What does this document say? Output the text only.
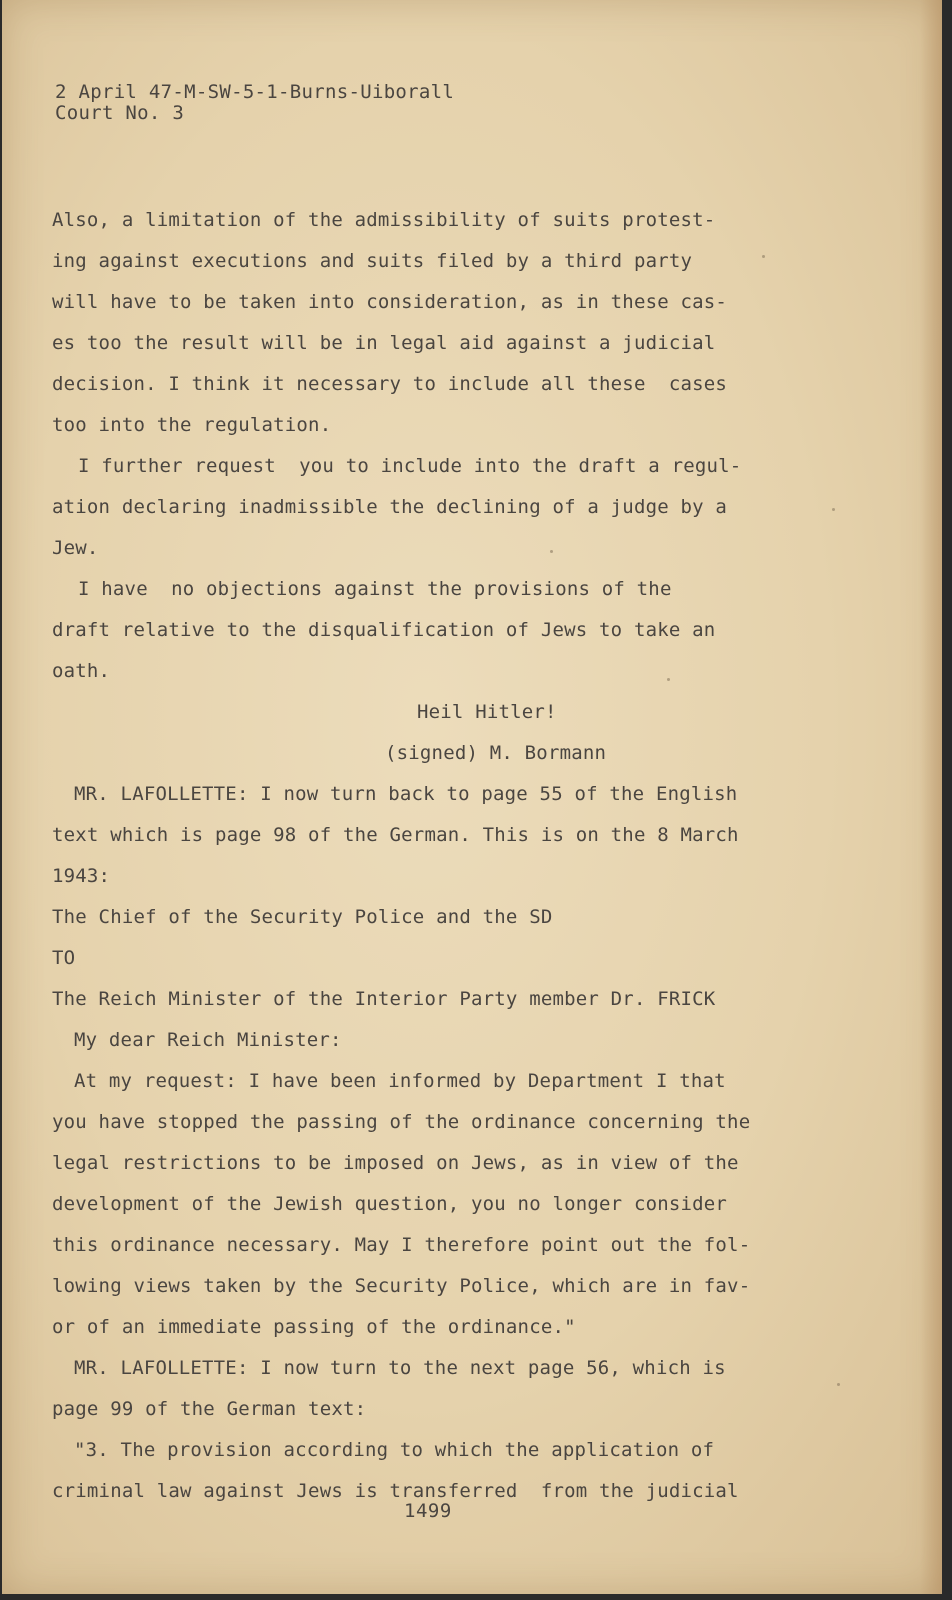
2 April 47-M-SW-5-1-Burns-Uiborall
Court No. 3
Also, a limitation of the admissibility of suits protest-
ing against executions and suits filed by a third party
will have to be taken into consideration, as in these cas-
es too the result will be in legal aid against a judicial
decision. I think it necessary to include all these  cases
too into the regulation.
I further request  you to include into the draft a regul-
ation declaring inadmissible the declining of a judge by a
Jew.
I have  no objections against the provisions of the
draft relative to the disqualification of Jews to take an
oath.
Heil Hitler!
(signed) M. Bormann
MR. LAFOLLETTE: I now turn back to page 55 of the English
text which is page 98 of the German. This is on the 8 March
1943:
The Chief of the Security Police and the SD
TO
The Reich Minister of the Interior Party member Dr. FRICK
My dear Reich Minister:
At my request: I have been informed by Department I that
you have stopped the passing of the ordinance concerning the
legal restrictions to be imposed on Jews, as in view of the
development of the Jewish question, you no longer consider
this ordinance necessary. May I therefore point out the fol-
lowing views taken by the Security Police, which are in fav-
or of an immediate passing of the ordinance."
MR. LAFOLLETTE: I now turn to the next page 56, which is
page 99 of the German text:
"3. The provision according to which the application of
criminal law against Jews is transferred  from the judicial
1499
